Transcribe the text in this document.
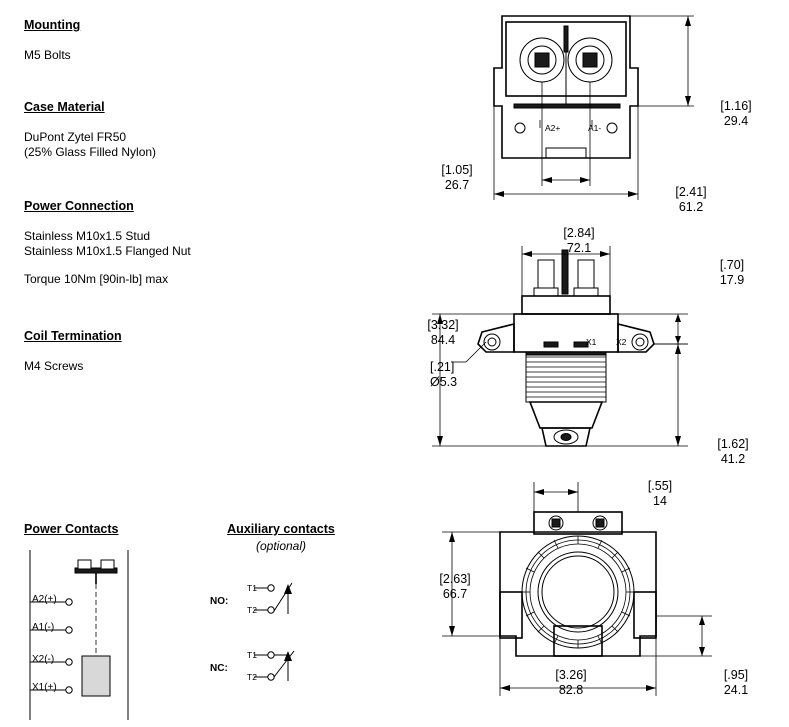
Mounting
M5 Bolts
Case Material
DuPont Zytel FR50
(25% Glass Filled Nylon)
Power Connection
Stainless M10x1.5 Stud
Stainless M10x1.5 Flanged Nut
Torque 10Nm [90in-lb] max
Coil Termination
M4 Screws
Power Contacts
A2(+)
A1(-)
X2(-)
X1(+)
Auxiliary contacts
(optional)
T1
T2
NO:
T1
T2
NC:
A2+	A1-
[1.16]
29.4
[1.05]
26.7	[2.41]
61.2
X1 X2
[2.84]
72.1
[.70]
17.9
[3.32]
84.4
[.21]
Ø5.3
[1.62]
41.2
[.55]
14
[2.63]
66.7
[3.26]
82.8
[.95]
24.1
